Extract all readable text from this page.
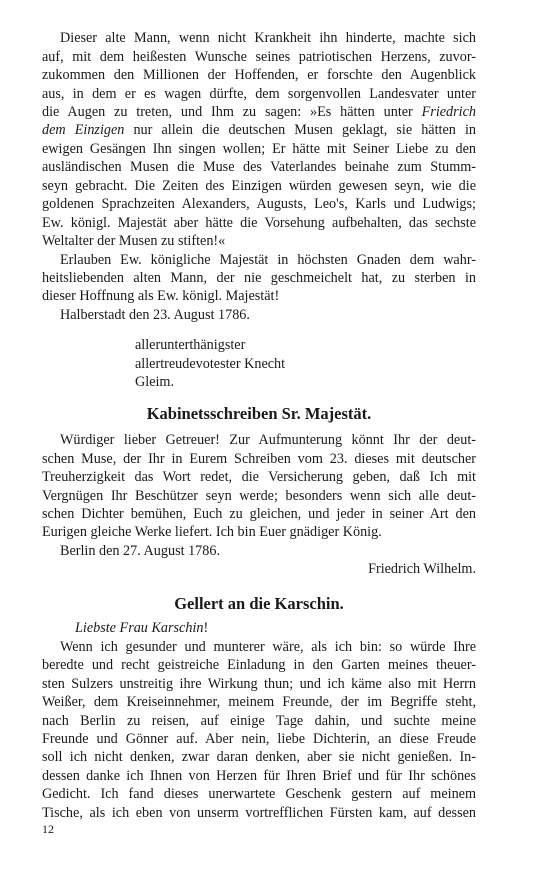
Dieser alte Mann, wenn nicht Krankheit ihn hinderte, machte sich
auf, mit dem heißesten Wunsche seines patriotischen Herzens, zuvor-
zukommen den Millionen der Hoffenden, er forschte den Augenblick
aus, in dem er es wagen dürfte, dem sorgenvollen Landesvater unter
die Augen zu treten, und Ihm zu sagen: »Es hätten unter Friedrich
dem Einzigen nur allein die deutschen Musen geklagt, sie hätten in
ewigen Gesängen Ihn singen wollen; Er hätte mit Seiner Liebe zu den
ausländischen Musen die Muse des Vaterlandes beinahe zum Stumm-
seyn gebracht. Die Zeiten des Einzigen würden gewesen seyn, wie die
goldenen Sprachzeiten Alexanders, Augusts, Leo's, Karls und Ludwigs;
Ew. königl. Majestät aber hätte die Vorsehung aufbehalten, das sechste
Weltalter der Musen zu stiften!«
Erlauben Ew. königliche Majestät in höchsten Gnaden dem wahr-
heitsliebenden alten Mann, der nie geschmeichelt hat, zu sterben in
dieser Hoffnung als Ew. königl. Majestät!
Halberstadt den 23. August 1786.
allerunterthänigster
allertreudevotester Knecht
Gleim.
Kabinetsschreiben Sr. Majestät.
Würdiger lieber Getreuer! Zur Aufmunterung könnt Ihr der deut-
schen Muse, der Ihr in Eurem Schreiben vom 23. dieses mit deutscher
Treuherzigkeit das Wort redet, die Versicherung geben, daß Ich mit
Vergnügen Ihr Beschützer seyn werde; besonders wenn sich alle deut-
schen Dichter bemühen, Euch zu gleichen, und jeder in seiner Art den
Eurigen gleiche Werke liefert. Ich bin Euer gnädiger König.
Berlin den 27. August 1786.
Friedrich Wilhelm.
Gellert an die Karschin.
Liebste Frau Karschin!
Wenn ich gesunder und munterer wäre, als ich bin: so würde Ihre
beredte und recht geistreiche Einladung in den Garten meines theuer-
sten Sulzers unstreitig ihre Wirkung thun; und ich käme also mit Herrn
Weißer, dem Kreiseinnehmer, meinem Freunde, der im Begriffe steht,
nach Berlin zu reisen, auf einige Tage dahin, und suchte meine
Freunde und Gönner auf. Aber nein, liebe Dichterin, an diese Freude
soll ich nicht denken, zwar daran denken, aber sie nicht genießen. In-
dessen danke ich Ihnen von Herzen für Ihren Brief und für Ihr schönes
Gedicht. Ich fand dieses unerwartete Geschenk gestern auf meinem
Tische, als ich eben von unserm vortrefflichen Fürsten kam, auf dessen
12
